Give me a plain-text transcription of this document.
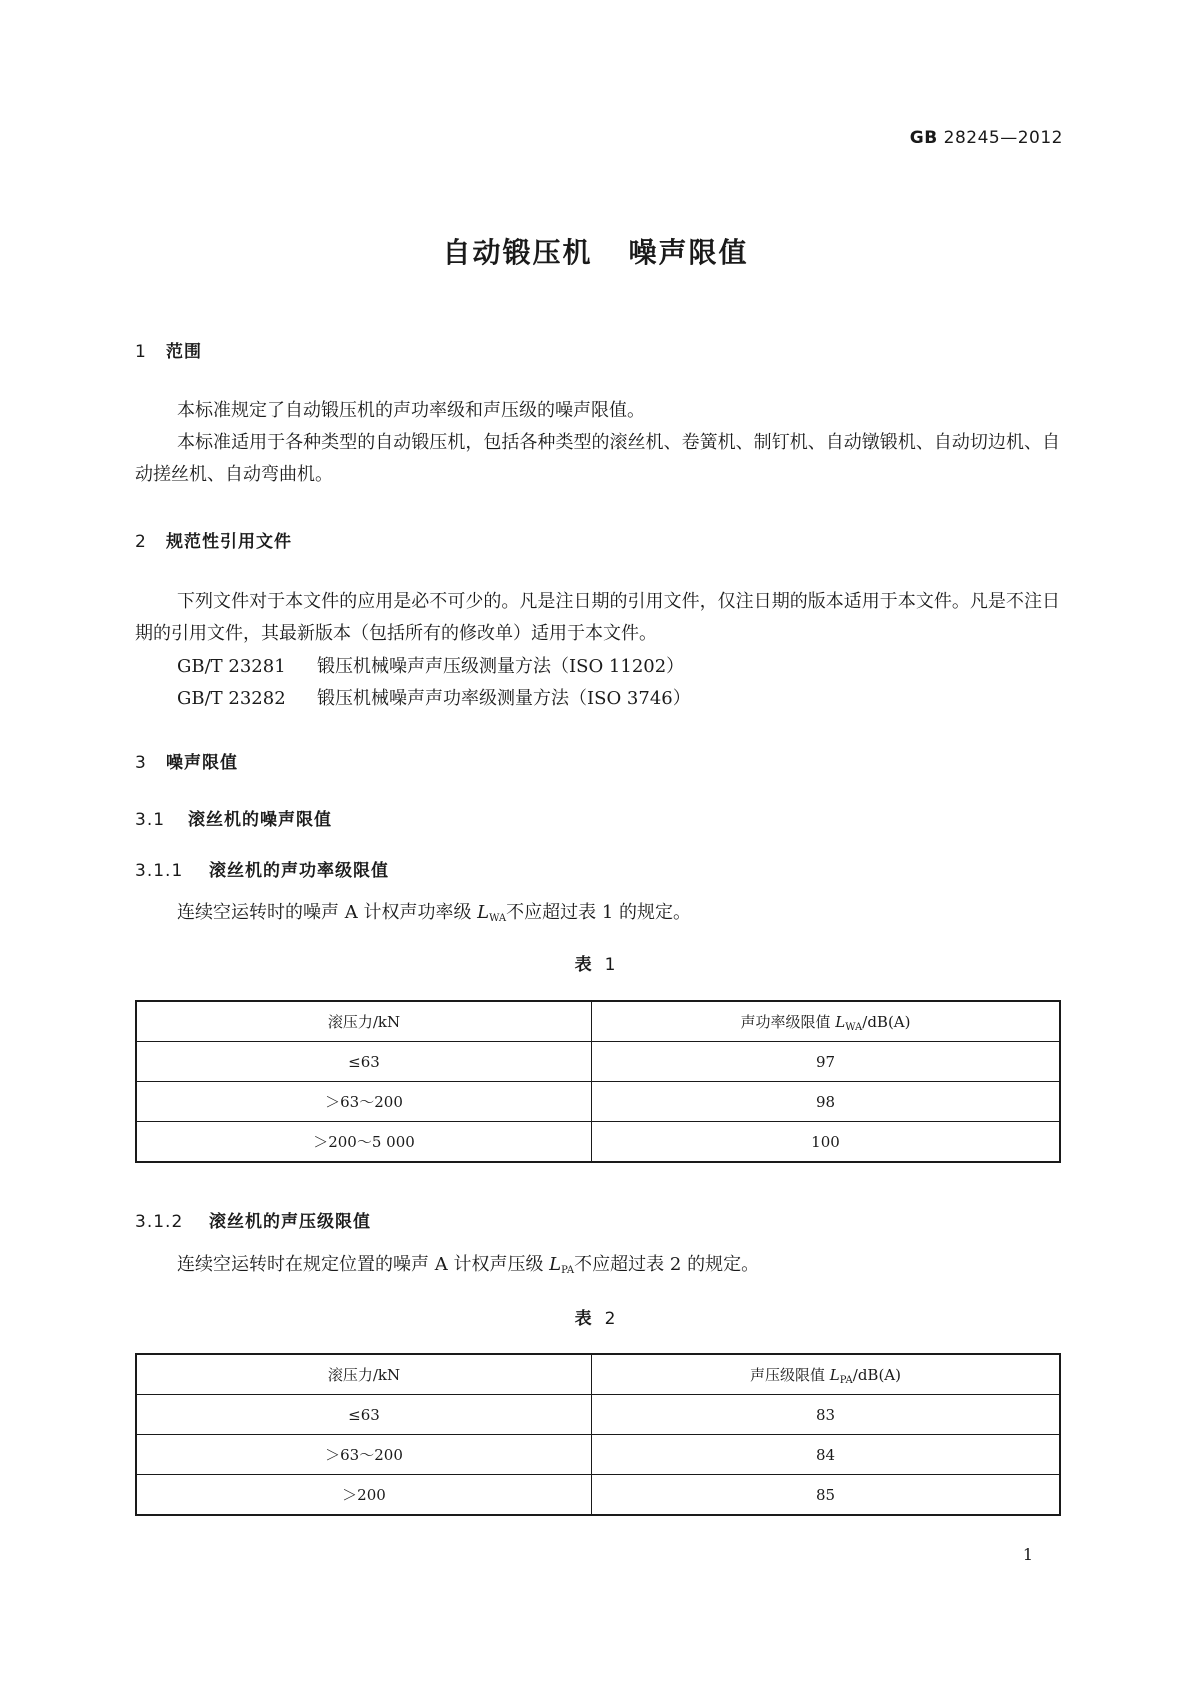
GB 28245—2012
自动锻压机 噪声限值
1 范围
本标准规定了自动锻压机的声功率级和声压级的噪声限值。
本标准适用于各种类型的自动锻压机，包括各种类型的滚丝机、卷簧机、制钉机、自动镦锻机、自动切边机、自动搓丝机、自动弯曲机。
2 规范性引用文件
下列文件对于本文件的应用是必不可少的。凡是注日期的引用文件，仅注日期的版本适用于本文件。凡是不注日期的引用文件，其最新版本（包括所有的修改单）适用于本文件。
GB/T 23281 锻压机械噪声声压级测量方法（ISO 11202）
GB/T 23282 锻压机械噪声声功率级测量方法（ISO 3746）
3 噪声限值
3.1 滚丝机的噪声限值
3.1.1 滚丝机的声功率级限值
连续空运转时的噪声 A 计权声功率级 $L_{WA}$不应超过表 1 的规定。
表 1
滚压力/kN	声功率级限值 $L_{WA}/dB(A)$
≤63	97
＞63～200	98
＞200～5 000	100
3.1.2 滚丝机的声压级限值
连续空运转时在规定位置的噪声 A 计权声压级 $L_{PA}$不应超过表 2 的规定。
表 2
滚压力/kN	声压级限值 $L_{PA}/dB(A)$
≤63	83
＞63～200	84
＞200	85
1
